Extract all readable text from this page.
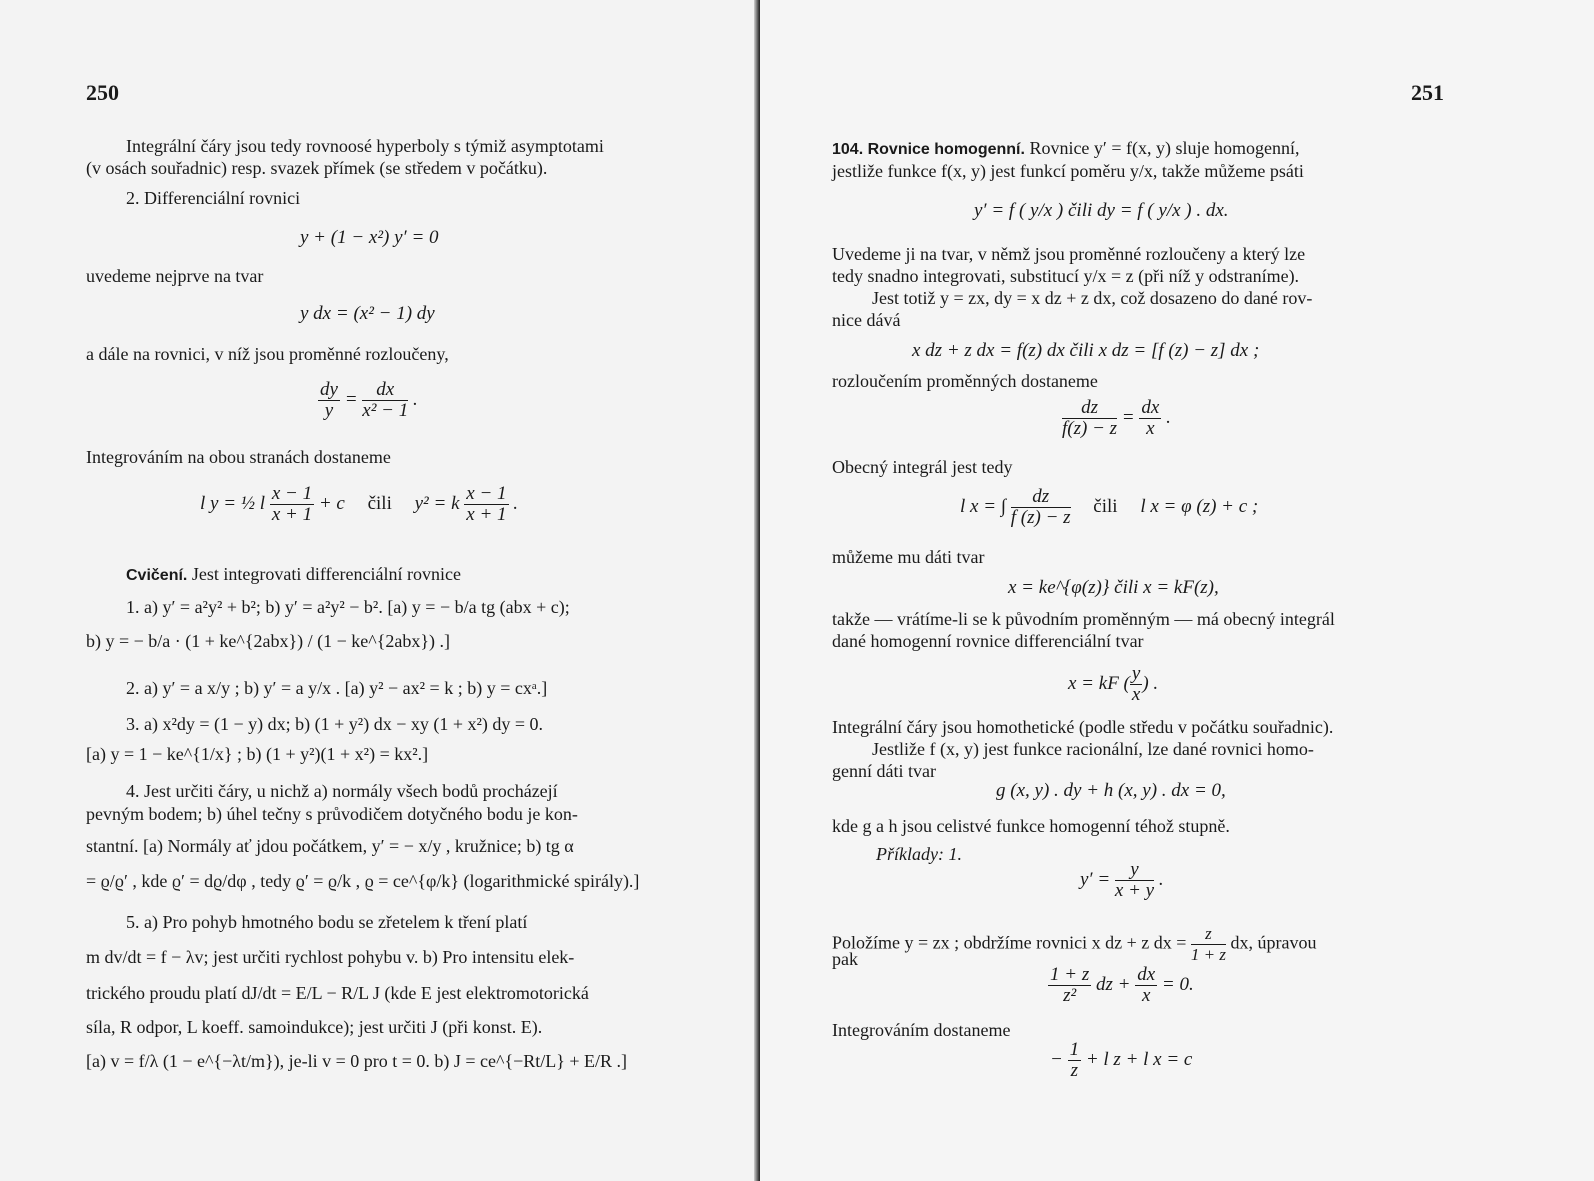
250
Integrální čáry jsou tedy rovnoosé hyperboly s týmiž asymptotami
(v osách souřadnic) resp. svazek přímek (se středem v počátku).
2. Differenciální rovnici
y + (1 − x²) y′ = 0
uvedeme nejprve na tvar
y dx = (x² − 1) dy
a dále na rovnici, v níž jsou proměnné rozloučeny,
$\frac{dy}{y} = \frac{dx}{\text{x² − 1}}$ .
Integrováním na obou stranách dostaneme
l y = ½ l $\frac{x - 1}{x + 1} + c$ čili y² = k $\frac{x - 1}{x + 1}$ .
Cvičení. Jest integrovati differenciální rovnice
1. a) y′ = a²y² + b²; b) y′ = a²y² − b². [a) y = − b/a tg (abx + c);
b) y = − b/a · (1 + ke^{2abx}) / (1 − ke^{2abx}) .]
2. a) y′ = a x/y ; b) y′ = a y/x . [a) y² − ax² = k ; b) y = cxᵃ.]
3. a) x²dy = (1 − y) dx; b) (1 + y²) dx − xy (1 + x²) dy = 0.
[a) y = 1 − ke^{1/x} ; b) (1 + y²)(1 + x²) = kx².]
4. Jest určiti čáry, u nichž a) normály všech bodů procházejí
pevným bodem; b) úhel tečny s průvodičem dotyčného bodu je kon-
stantní. [a) Normály ať jdou počátkem, y′ = − x/y , kružnice; b) tg α
= ϱ/ϱ′ , kde ϱ′ = dϱ/dφ , tedy ϱ′ = ϱ/k , ϱ = ce^{φ/k} (logarithmické spirály).]
5. a) Pro pohyb hmotného bodu se zřetelem k tření platí
m dv/dt = f − λv; jest určiti rychlost pohybu v. b) Pro intensitu elek-
trického proudu platí dJ/dt = E/L − R/L J (kde E jest elektromotorická
síla, R odpor, L koeff. samoindukce); jest určiti J (při konst. E).
[a) v = f/λ (1 − e^{−λt/m}), je-li v = 0 pro t = 0. b) J = ce^{−Rt/L} + E/R .]
251
104. Rovnice homogenní. Rovnice y′ = f(x, y) sluje homogenní,
jestliže funkce f(x, y) jest funkcí poměru y/x, takže můžeme psáti
y′ = f ( y/x ) čili dy = f ( y/x ) . dx.
Uvedeme ji na tvar, v němž jsou proměnné rozloučeny a který lze
tedy snadno integrovati, substitucí y/x = z (při níž y odstraníme).
Jest totiž y = zx, dy = x dz + z dx, což dosazeno do dané rov-
nice dává
x dz + z dx = f(z) dx čili x dz = [f (z) − z] dx ;
rozloučením proměnných dostaneme
$\frac{dz}{f(z) - z} = \frac{dx}{x}$ .
Obecný integrál jest tedy
l x = ∫ $\frac{dz}{f (z) - z}$ čili l x = φ (z) + c ;
můžeme mu dáti tvar
x = ke^{φ(z)} čili x = kF(z),
takže — vrátíme-li se k původním proměnným — má obecný integrál
dané homogenní rovnice differenciální tvar
x = kF ( $\frac{y}{x}$ ) .
Integrální čáry jsou homothetické (podle středu v počátku souřadnic).
Jestliže f (x, y) jest funkce racionální, lze dané rovnici homo-
genní dáti tvar
g (x, y) . dy + h (x, y) . dx = 0,
kde g a h jsou celistvé funkce homogenní téhož stupně.
Příklady: 1.
$y' = \frac{y}{x + y}$ .
Položíme y = zx ; obdržíme rovnici x dz + z dx = $\frac{z}{1 + z}$ dx, úpravou
pak
$\frac{1 + z}{\text{z²}}$ dz + $\frac{dx}{x} = 0$.
Integrováním dostaneme
− $\frac{1}{z} + l$ z + l x = c
